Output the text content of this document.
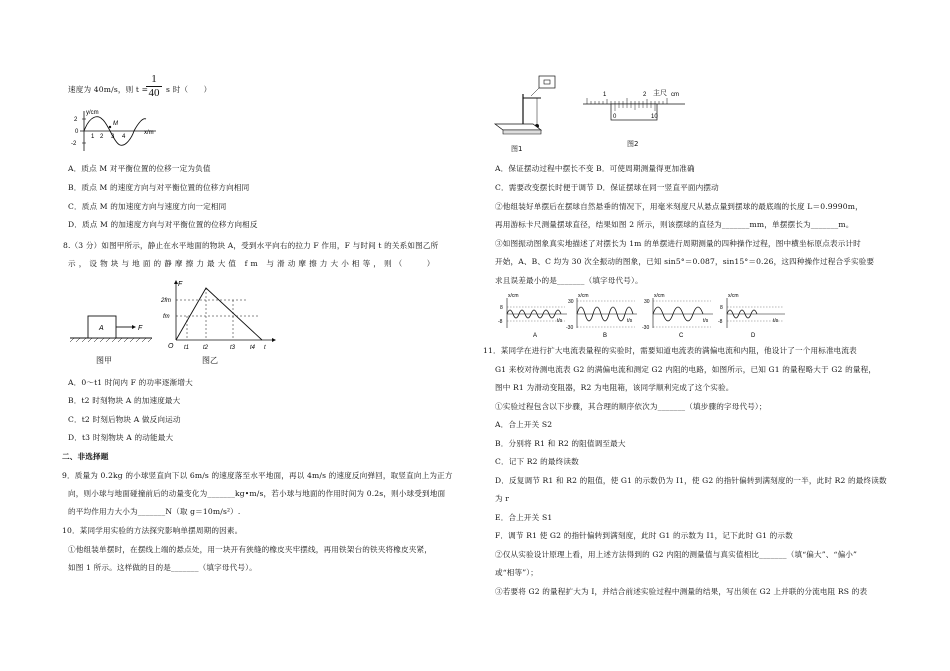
速度为 40m/s，则 t =
$\frac{1}{40}$ s 时（　　）
y/cm
x/m
2
0
-2
1 2 3 4
M
A．质点 M 对平衡位置的位移一定为负值
B．质点 M 的速度方向与对平衡位置的位移方向相同
C．质点 M 的加速度方向与速度方向一定相同
D．质点 M 的加速度方向与对平衡位置的位移方向相反
8.（3 分）如图甲所示，静止在水平地面的物块 A，受到水平向右的拉力 F 作用，F 与时间 t 的关系如图乙所
示，设物块与地面的静摩擦力最大值 fm 与滑动摩擦力大小相等，则（　　）
A	F
图甲
F
2fm
fm
O t1 t2	t3 t4 t
图乙
A．0～t1 时间内 F 的功率逐渐增大
B．t2 时刻物块 A 的加速度最大
C．t2 时刻后物块 A 做反向运动
D．t3 时刻物块 A 的动能最大
二、非选择题
9．质量为 0.2kg 的小球竖直向下以 6m/s 的速度落至水平地面，再以 4m/s 的速度反向弹回，取竖直向上为正方
向，则小球与地面碰撞前后的动量变化为_______kg•m/s，若小球与地面的作用时间为 0.2s，则小球受到地面
的平均作用力大小为_______N（取 g＝10m/s²）.
10．某同学用实验的方法探究影响单摆周期的因素。
①他组装单摆时，在摆线上端的悬点处，用一块开有狭缝的橡皮夹牢摆线，再用铁架台的铁夹将橡皮夹紧，
如图 1 所示。这样做的目的是_______（填字母代号）。
图1
1	2 主尺 cm
0	10
图2
A．保证摆动过程中摆长不变 B．可使周期测量得更加准确
C．需要改变摆长时便于调节 D．保证摆球在同一竖直平面内摆动
②他组装好单摆后在摆球自然悬垂的情况下，用毫米刻度尺从悬点量到摆球的最底端的长度 L＝0.9990m，
再用游标卡尺测量摆球直径，结果如图 2 所示，则该摆球的直径为_______mm，单摆摆长为_______m。
③如图振动图象真实地描述了对摆长为 1m 的单摆进行周期测量的四种操作过程，图中横坐标原点表示计时
开始，A、B、C 均为 30 次全振动的图象，已知 sin5°＝0.087，sin15°＝0.26，这四种操作过程合乎实验要
求且误差最小的是_______（填字母代号）。
x/cm
8
-8	t/s
A
x/cm
30
-30
t/s
B
x/cm
30
-30
t/s
C
x/cm
8
-8	t/s
D
11．某同学在进行扩大电流表量程的实验时，需要知道电流表的满偏电流和内阻，他设计了一个用标准电流表
G1 来校对待测电流表 G2 的满偏电流和测定 G2 内阻的电路，如图所示，已知 G1 的量程略大于 G2 的量程，
图中 R1 为滑动变阻器，R2 为电阻箱，该同学顺利完成了这个实验。
①实验过程包含以下步骤，其合理的顺序依次为_______（填步骤的字母代号）；
A．合上开关 S2
B．分别将 R1 和 R2 的阻值调至最大
C．记下 R2 的最终读数
D．反复调节 R1 和 R2 的阻值，使 G1 的示数仍为 I1，使 G2 的指针偏转到满刻度的一半，此时 R2 的最终读数
为 r
E．合上开关 S1
F．调节 R1 使 G2 的指针偏转到满刻度，此时 G1 的示数为 I1，记下此时 G1 的示数
②仅从实验设计原理上看，用上述方法得到的 G2 内阻的测量值与真实值相比_______（填“偏大”、“偏小”
或“相等”）；
③若要将 G2 的量程扩大为 I，并结合前述实验过程中测量的结果，写出须在 G2 上并联的分流电阻 RS 的表
